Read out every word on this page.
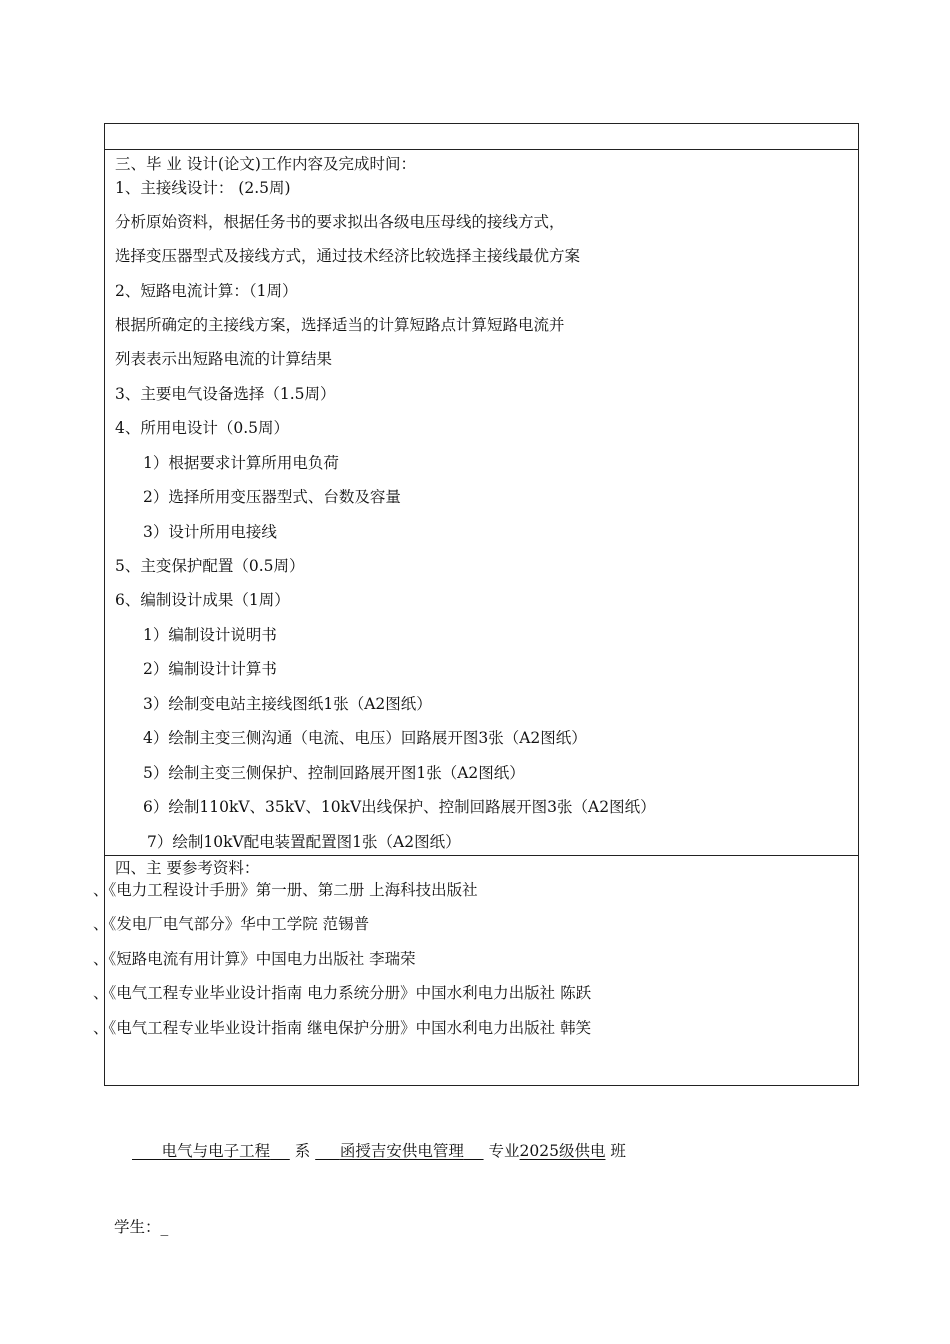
三、毕 业 设计(论文)工作内容及完成时间：
1、主接线设计： (2.5周)
分析原始资料，根据任务书的要求拟出各级电压母线的接线方式，
选择变压器型式及接线方式，通过技术经济比较选择主接线最优方案
2、短路电流计算：（1周）
根据所确定的主接线方案，选择适当的计算短路点计算短路电流并
列表表示出短路电流的计算结果
3、主要电气设备选择（1.5周）
4、所用电设计（0.5周）
1）根据要求计算所用电负荷
2）选择所用变压器型式、台数及容量
3）设计所用电接线
5、主变保护配置（0.5周）
6、编制设计成果（1周）
1）编制设计说明书
2）编制设计计算书
3）绘制变电站主接线图纸1张（A2图纸）
4）绘制主变三侧沟通（电流、电压）回路展开图3张（A2图纸）
5）绘制主变三侧保护、控制回路展开图1张（A2图纸）
6）绘制110kV、35kV、10kV出线保护、控制回路展开图3张（A2图纸）
7）绘制10kV配电装置配置图1张（A2图纸）
四、主 要参考资料：
、《电力工程设计手册》第一册、第二册 上海科技出版社
、《发电厂电气部分》华中工学院 范锡普
、《短路电流有用计算》中国电力出版社 李瑞荣
、《电气工程专业毕业设计指南 电力系统分册》中国水利电力出版社 陈跃
、《电气工程专业毕业设计指南 继电保护分册》中国水利电力出版社 韩笑
电气与电子工程 系 函授吉安供电管理 专业2025级供电 班
学生：_
